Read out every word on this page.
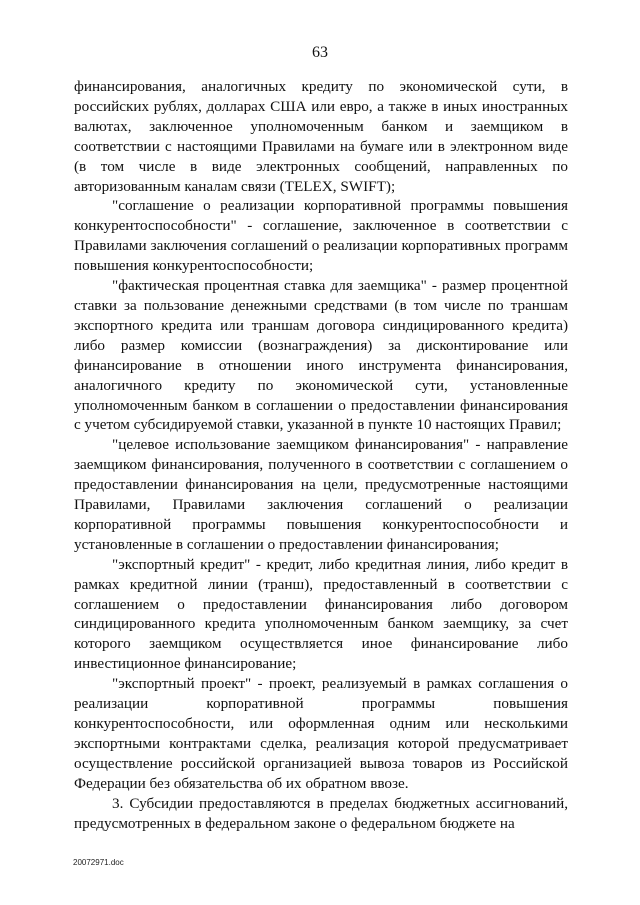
63

финансирования, аналогичных кредиту по экономической сути, в российских рублях, долларах США или евро, а также в иных иностранных валютах, заключенное уполномоченным банком и заемщиком в соответствии с настоящими Правилами на бумаге или в электронном виде (в том числе в виде электронных сообщений, направленных по авторизованным каналам связи (TELEX, SWIFT);

"соглашение о реализации корпоративной программы повышения конкурентоспособности" - соглашение, заключенное в соответствии с Правилами заключения соглашений о реализации корпоративных программ повышения конкурентоспособности;

"фактическая процентная ставка для заемщика" - размер процентной ставки за пользование денежными средствами (в том числе по траншам экспортного кредита или траншам договора синдицированного кредита) либо размер комиссии (вознаграждения) за дисконтирование или финансирование в отношении иного инструмента финансирования, аналогичного кредиту по экономической сути, установленные уполномоченным банком в соглашении о предоставлении финансирования с учетом субсидируемой ставки, указанной в пункте 10 настоящих Правил;

"целевое использование заемщиком финансирования" - направление заемщиком финансирования, полученного в соответствии с соглашением о предоставлении финансирования на цели, предусмотренные настоящими Правилами, Правилами заключения соглашений о реализации корпоративной программы повышения конкурентоспособности и установленные в соглашении о предоставлении финансирования;

"экспортный кредит" - кредит, либо кредитная линия, либо кредит в рамках кредитной линии (транш), предоставленный в соответствии с соглашением о предоставлении финансирования либо договором синдицированного кредита уполномоченным банком заемщику, за счет которого заемщиком осуществляется иное финансирование либо инвестиционное финансирование;

"экспортный проект" - проект, реализуемый в рамках соглашения о реализации корпоративной программы повышения конкурентоспособности, или оформленная одним или несколькими экспортными контрактами сделка, реализация которой предусматривает осуществление российской организацией вывоза товаров из Российской Федерации без обязательства об их обратном ввозе.

3. Субсидии предоставляются в пределах бюджетных ассигнований, предусмотренных в федеральном законе о федеральном бюджете на

20072971.doc
